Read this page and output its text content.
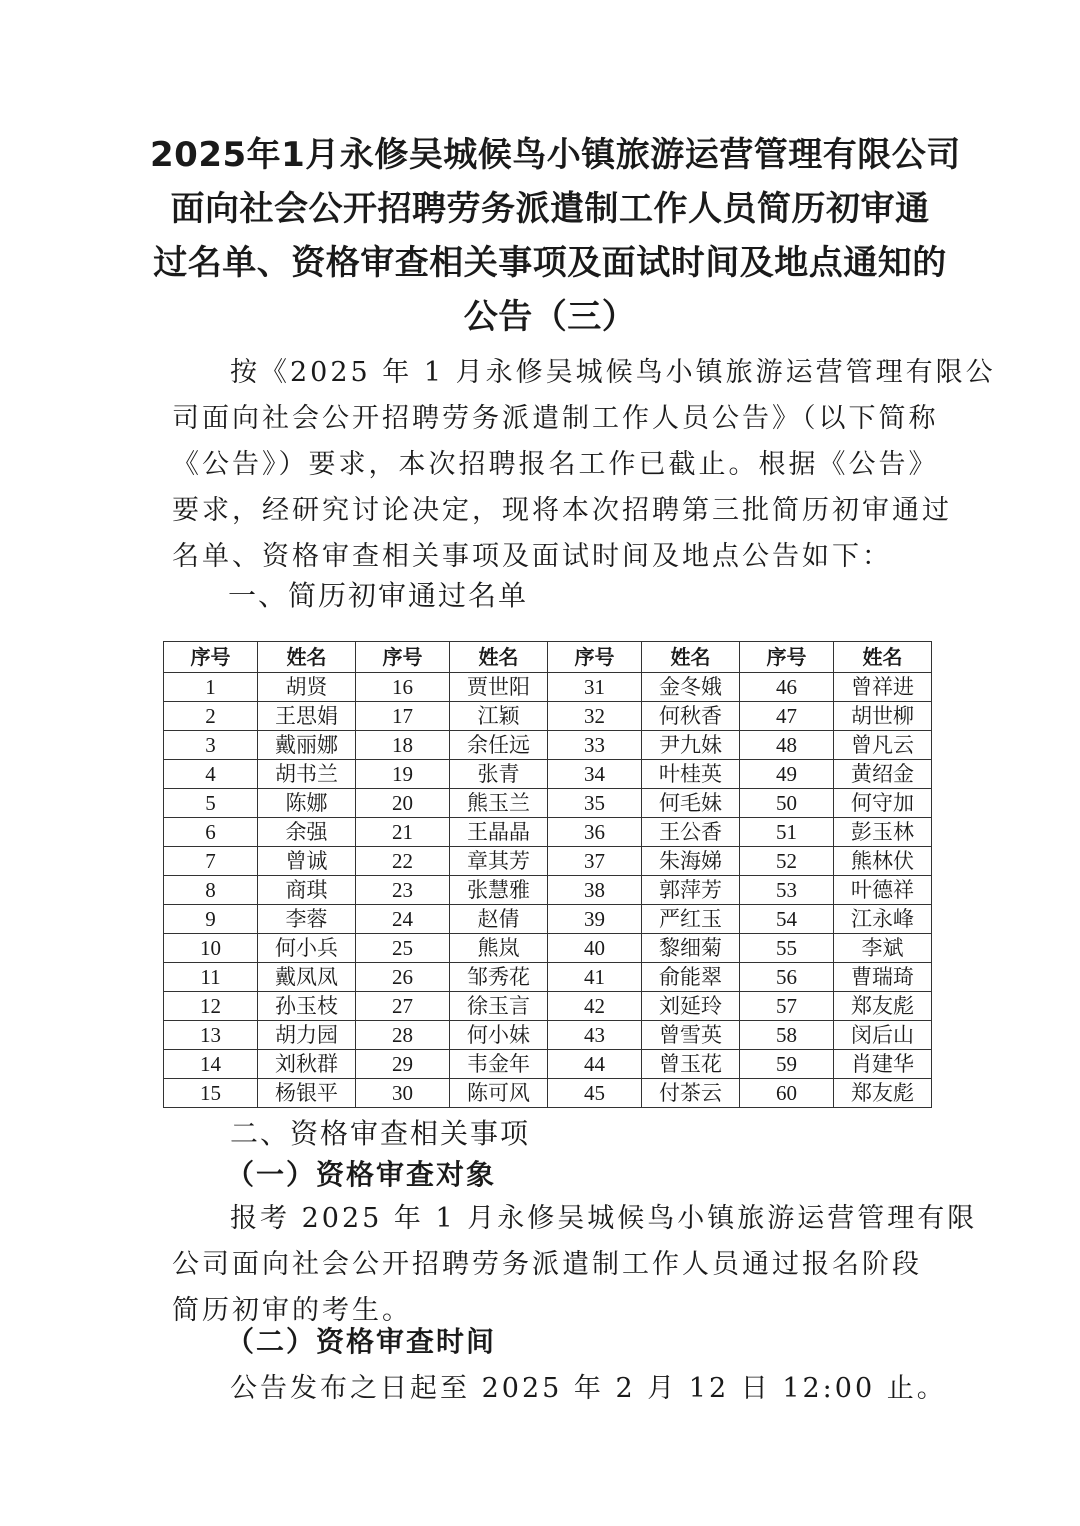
2025年1月永修吴城候鸟小镇旅游运营管理有限公司
面向社会公开招聘劳务派遣制工作人员简历初审通
过名单、资格审查相关事项及面试时间及地点通知的
公告（三）
按《2025 年 1 月永修吴城候鸟小镇旅游运营管理有限公
司面向社会公开招聘劳务派遣制工作人员公告》（以下简称
《公告》）要求，本次招聘报名工作已截止。根据《公告》
要求，经研究讨论决定，现将本次招聘第三批简历初审通过
名单、资格审查相关事项及面试时间及地点公告如下：
一、简历初审通过名单
序号	姓名	序号	姓名	序号	姓名	序号	姓名
1	胡贤	16	贾世阳	31	金冬娥	46	曾祥进
2	王思娟	17	江颖	32	何秋香	47	胡世柳
3	戴丽娜	18	余任远	33	尹九妹	48	曾凡云
4	胡书兰	19	张青	34	叶桂英	49	黄绍金
5	陈娜	20	熊玉兰	35	何毛妹	50	何守加
6	余强	21	王晶晶	36	王公香	51	彭玉林
7	曾诚	22	章其芳	37	朱海娣	52	熊林伏
8	商琪	23	张慧雅	38	郭萍芳	53	叶德祥
9	李蓉	24	赵倩	39	严红玉	54	江永峰
10	何小兵	25	熊岚	40	黎细菊	55	李斌
11	戴凤凤	26	邹秀花	41	俞能翠	56	曹瑞琦
12	孙玉枝	27	徐玉言	42	刘延玲	57	郑友彪
13	胡力园	28	何小妹	43	曾雪英	58	闵后山
14	刘秋群	29	韦金年	44	曾玉花	59	肖建华
15	杨银平	30	陈可风	45	付茶云	60	郑友彪
二、资格审查相关事项
（一）资格审查对象
报考 2025 年 1 月永修吴城候鸟小镇旅游运营管理有限
公司面向社会公开招聘劳务派遣制工作人员通过报名阶段
简历初审的考生。
（二）资格审查时间
公告发布之日起至 2025 年 2 月 12 日 12:00 止。
